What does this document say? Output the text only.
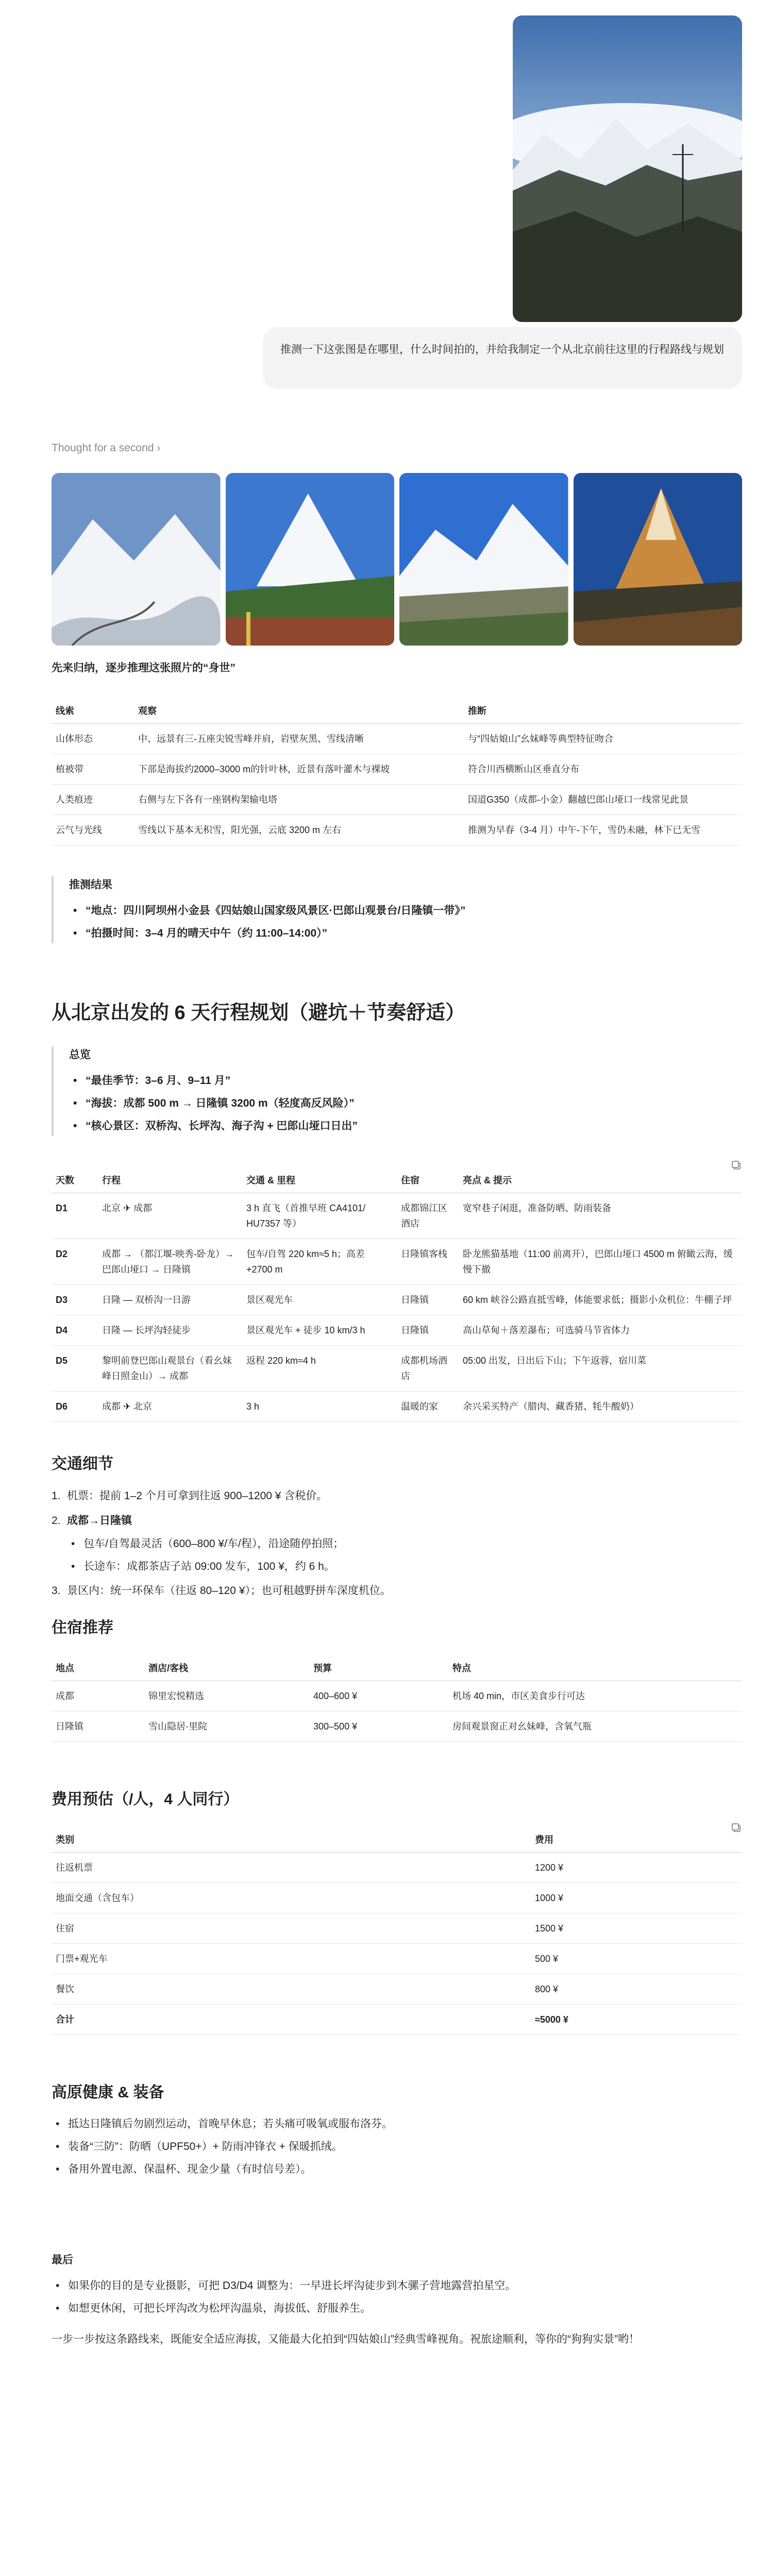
推测一下这张图是在哪里，什么时间拍的，并给我制定一个从北京前往这里的行程路线与规划
Thought for a second ›

先来归纳，逐步推理这张照片的“身世”

线索	观察	推断
山体形态	中、远景有三-五座尖锐雪峰并肩，岩壁灰黑、雪线清晰	与“四姑娘山”幺妹峰等典型特征吻合
植被带	下部是海拔约2000–3000 m的针叶林，近景有落叶灌木与裸坡	符合川西横断山区垂直分布
人类痕迹	右侧与左下各有一座钢构架输电塔	国道G350（成都-小金）翻越巴郎山垭口一线常见此景
云气与光线	雪线以下基本无积雪，阳光强，云底 3200 m 左右	推测为早春（3-4 月）中午-下午，雪仍未融，林下已无雪
推测结果
• “地点：四川阿坝州小金县《四姑娘山国家级风景区·巴郎山观景台/日隆镇一带》”
• “拍摄时间：3–4 月的晴天中午（约 11:00–14:00）”
从北京出发的 6 天行程规划（避坑＋节奏舒适）
总览
• “最佳季节：3–6 月、9–11 月”
• “海拔：成都 500 m → 日隆镇 3200 m（轻度高反风险）”
• “核心景区：双桥沟、长坪沟、海子沟 + 巴郎山垭口日出”
天数	行程	交通 & 里程	住宿	亮点 & 提示
D1	北京 ✈ 成都	3 h 直飞（首推早班 CA4101/ HU7357 等）	成都锦江区酒店	宽窄巷子闲逛，准备防晒、防雨装备
D2	成都 → （都江堰-映秀-卧龙）→ 巴郎山垭口 → 日隆镇	包车/自驾 220 km≈5 h；高差 +2700 m	日隆镇客栈	卧龙熊猫基地（11:00 前离开），巴郎山垭口 4500 m 俯瞰云海，缓慢下撤
D3	日隆 — 双桥沟一日游	景区观光车	日隆镇	60 km 峡谷公路直抵雪峰，体能要求低；摄影小众机位：牛棚子坪
D4	日隆 — 长坪沟轻徒步	景区观光车 + 徒步 10 km/3 h	日隆镇	高山草甸＋落差瀑布；可选骑马节省体力
D5	黎明前登巴郎山观景台（看幺妹峰日照金山）→ 成都	返程 220 km≈4 h	成都机场酒店	05:00 出发，日出后下山；下午返蓉，宿川菜
D6	成都 ✈ 北京	3 h	温暖的家	余兴采买特产（腊肉、藏香猪、牦牛酸奶）
交通细节
1. 机票：提前 1–2 个月可拿到往返 900–1200 ¥ 含税价。
2. 成都→日隆镇
• 包车/自驾最灵活（600–800 ¥/车/程），沿途随停拍照；
• 长途车：成都茶店子站 09:00 发车，100 ¥，约 6 h。
3. 景区内：统一环保车（往返 80–120 ¥）；也可租越野拼车深度机位。
住宿推荐
地点	酒店/客栈	预算	特点
成都	锦里宏悦精选	400–600 ¥	机场 40 min，市区美食步行可达
日隆镇	雪山隐居·里院	300–500 ¥	房间观景窗正对幺妹峰，含氧气瓶
费用预估（/人，4 人同行）
类别	费用
往返机票	1200 ¥
地面交通（含包车）	1000 ¥
住宿	1500 ¥
门票+观光车	500 ¥
餐饮	800 ¥
合计	≈5000 ¥
高原健康 & 装备
• 抵达日隆镇后勿剧烈运动，首晚早休息；若头痛可吸氧或服布洛芬。
• 装备“三防”：防晒（UPF50+）+ 防雨冲锋衣 + 保暖抓绒。
• 备用外置电源、保温杯、现金少量（有时信号差）。
最后
• 如果你的目的是专业摄影，可把 D3/D4 调整为：一早进长坪沟徒步到木骡子营地露营拍星空。
• 如想更休闲，可把长坪沟改为松坪沟温泉，海拔低、舒服养生。

一步一步按这条路线来，既能安全适应海拔，又能最大化拍到“四姑娘山”经典雪峰视角。祝旅途顺利，等你的“狗狗实景”哟！
